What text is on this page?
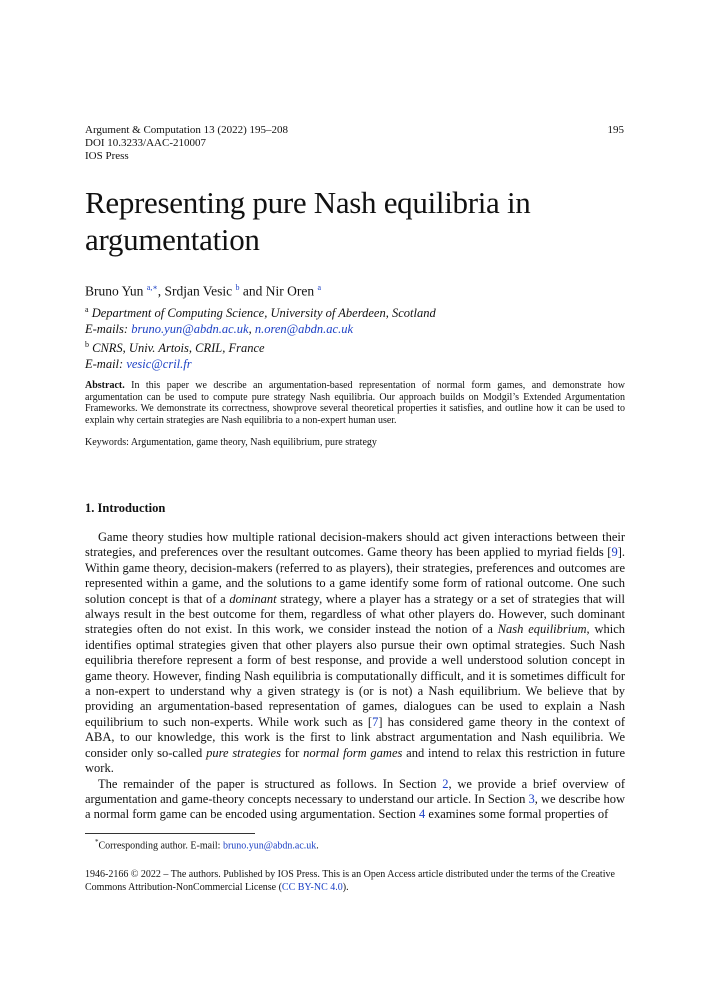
Argument & Computation 13 (2022) 195–208
DOI 10.3233/AAC-210007
IOS Press
195
Representing pure Nash equilibria in argumentation
Bruno Yun $^{a,∗}$, Srdjan Vesic $^b$ and Nir Oren $^a$
$^a$ Department of Computing Science, University of Aberdeen, Scotland
E-mails: bruno.yun@abdn.ac.uk, n.oren@abdn.ac.uk
$^b$ CNRS, Univ. Artois, CRIL, France
E-mail: vesic@cril.fr
Abstract. In this paper we describe an argumentation-based representation of normal form games, and demonstrate how argumentation can be used to compute pure strategy Nash equilibria. Our approach builds on Modgil’s Extended Argumentation Frameworks. We demonstrate its correctness, showprove several theoretical properties it satisfies, and outline how it can be used to explain why certain strategies are Nash equilibria to a non-expert human user.
Keywords: Argumentation, game theory, Nash equilibrium, pure strategy
1. Introduction

Game theory studies how multiple rational decision-makers should act given interactions between their strategies, and preferences over the resultant outcomes. Game theory has been applied to myriad fields [9]. Within game theory, decision-makers (referred to as players), their strategies, preferences and outcomes are represented within a game, and the solutions to a game identify some form of rational outcome. One such solution concept is that of a dominant strategy, where a player has a strategy or a set of strategies that will always result in the best outcome for them, regardless of what other players do. However, such dominant strategies often do not exist. In this work, we consider instead the notion of a Nash equilibrium, which identifies optimal strategies given that other players also pursue their own optimal strategies. Such Nash equilibria therefore represent a form of best response, and provide a well understood solution concept in game theory. However, finding Nash equilibria is computationally difficult, and it is sometimes difficult for a non-expert to understand why a given strategy is (or is not) a Nash equilibrium. We believe that by providing an argumentation-based representation of games, dialogues can be used to explain a Nash equilibrium to such non-experts. While work such as [7] has considered game theory in the context of ABA, to our knowledge, this work is the first to link abstract argumentation and Nash equilibria. We consider only so-called pure strategies for normal form games and intend to relax this restriction in future work.

The remainder of the paper is structured as follows. In Section 2, we provide a brief overview of argumentation and game-theory concepts necessary to understand our article. In Section 3, we describe how a normal form game can be encoded using argumentation. Section 4 examines some formal properties of

*Corresponding author. E-mail: bruno.yun@abdn.ac.uk.
1946-2166 © 2022 – The authors. Published by IOS Press. This is an Open Access article distributed under the terms of the Creative Commons Attribution-NonCommercial License (CC BY-NC 4.0).
